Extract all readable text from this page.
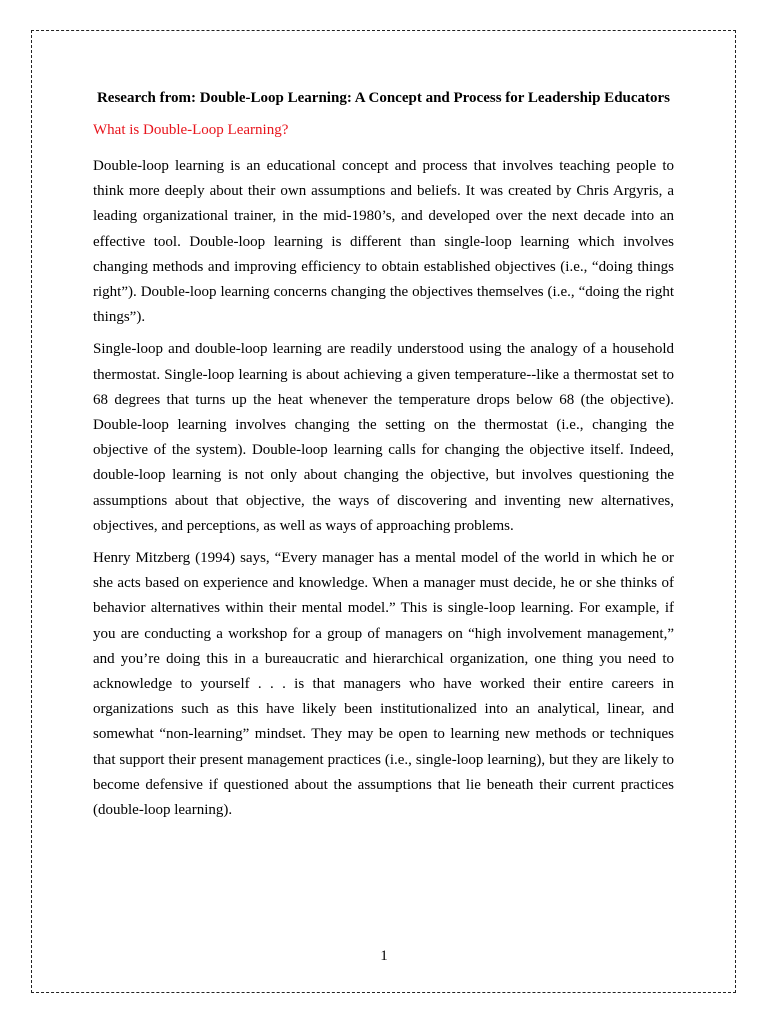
Research from: Double-Loop Learning: A Concept and Process for Leadership Educators
What is Double-Loop Learning?

Double-loop learning is an educational concept and process that involves teaching people to think more deeply about their own assumptions and beliefs. It was created by Chris Argyris, a leading organizational trainer, in the mid-1980’s, and developed over the next decade into an effective tool. Double-loop learning is different than single-loop learning which involves changing methods and improving efficiency to obtain established objectives (i.e., “doing things right”). Double-loop learning concerns changing the objectives themselves (i.e., “doing the right things”).

Single-loop and double-loop learning are readily understood using the analogy of a household thermostat. Single-loop learning is about achieving a given temperature--like a thermostat set to 68 degrees that turns up the heat whenever the temperature drops below 68 (the objective). Double-loop learning involves changing the setting on the thermostat (i.e., changing the objective of the system). Double-loop learning calls for changing the objective itself. Indeed, double-loop learning is not only about changing the objective, but involves questioning the assumptions about that objective, the ways of discovering and inventing new alternatives, objectives, and perceptions, as well as ways of approaching problems.

Henry Mitzberg (1994) says, “Every manager has a mental model of the world in which he or she acts based on experience and knowledge. When a manager must decide, he or she thinks of behavior alternatives within their mental model.” This is single-loop learning. For example, if you are conducting a workshop for a group of managers on “high involvement management,” and you’re doing this in a bureaucratic and hierarchical organization, one thing you need to acknowledge to yourself . . . is that managers who have worked their entire careers in organizations such as this have likely been institutionalized into an analytical, linear, and somewhat “non-learning” mindset. They may be open to learning new methods or techniques that support their present management practices (i.e., single-loop learning), but they are likely to become defensive if questioned about the assumptions that lie beneath their current practices (double-loop learning).

1
